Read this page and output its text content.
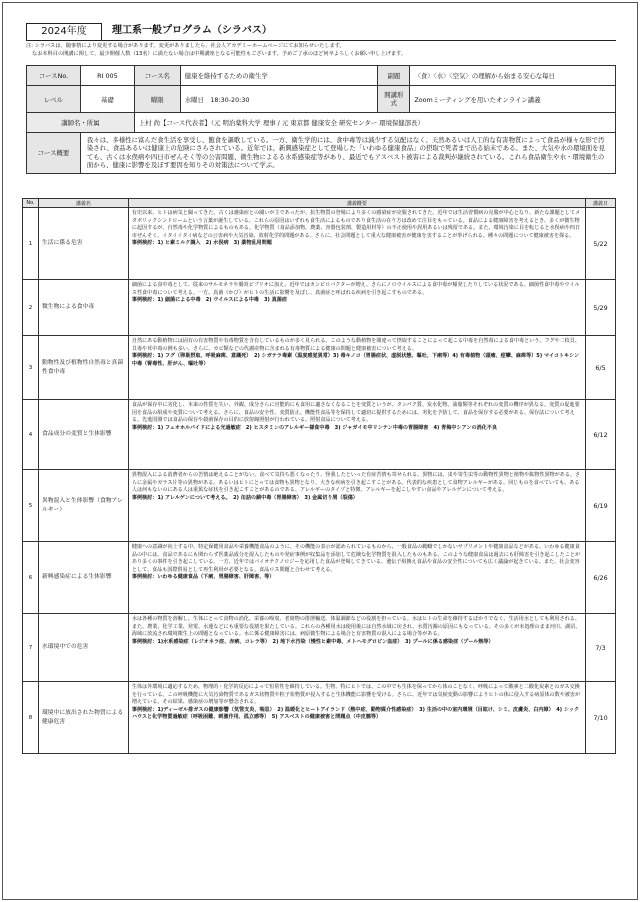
2024年度	理工系一般プログラム（シラバス）
注: シラバスは、随事情により変更する場合があります。変更がありましたら、社会人アカデミーホームページにてお知らせいたします。
なお本科目の開講に関して、最少開催人数（13名）に満たない場合は中期講座となる可能性もございます。予めご了承のほど何卒よろしくお願い申し上げます。
コースNo.	RI 005	コース名	健康を維持するための衛生学	副題	〈食〉〈水〉〈空気〉の理解から始まる安心な毎日
レベル	基礎	曜限	水曜日　18:30-20:30	開講形式	Zoomミーティングを用いたオンライン講義
講師名・所属		上村 尚【コース代表者】（元 明治薬科大学 理事 / 元 東京都 健康安全 研究センター 環境保健部長）			
コース概要	我々は、多様性に富んだ食生活を享受し、飽食を謳歌している。一方、衛生学的には、食中毒等は減少する気配はなく、天然あるいは人工的な有害物質によって食品が様々な形で汚染され、食品あるいは健康上の危険にさらされている。近年では、新興感染症として登場した「いわゆる健康食品」の摂取で死者まで出る始末である。また、大気や水の環境面を見ても、古くは水俣病や四日市ぜんそく等の公害問題、微生物によるる水系感染症等があり、最近でもアスベスト被害による裁判が継続されている。これら食品衛生や水・環境衛生の面から、健康に影響を及ぼす要因を知りその対策法について学ぶ。				
No.	講義名	講義概要	講義日
1	生活に係る危害	有史以来、ヒトは病気と闘ってきた。古くは感染症との闘いが主であったが、抗生物質の登場により多くの感染症が克服されてきた。近年では生活習慣病の克服が中心となり、新たな課題としてメタボリックシンドロームという言葉が誕生している。これらの原因はいずれも食生活によるものであり食生活の在り方は改めて注目をもっている。食品による健康障害を考えるとき、多くが微生物に起因するが、自然毒や化学物質によるものもある。化学物質（食品添加物、農薬、容器包装剤、製造用材等）の不正使用や誤用あるいは残留である。また、環境汚染に目を転じると水俣病や四日市ぜんそく、イタイイタイ病などの公害病や大気汚染、放射化学的問題がある。さらに、社会問題として重大な健康被害が健康を害することが挙げられる。種々の問題について健康被害を探る。
事例検討：1) ヒ素ミルク調入　2) 水俣病　3) 薬物乱用問題	5/22
2	微生物による食中毒	細菌による食中毒として、従来のサルモネラや腸炎ビブリオに加え、近年ではカンピロバクターが増え、さらにノロウイルスによる食中毒が頻発したりしている状況である。細菌性食中毒やウイルス性食中毒について考える。一方、真菌（かび）がヒトの生活に影響を及ぼし、真菌症と呼ばれる疾病を引き起こすものである。
事例検討：1) 細菌による中毒　2) ウイルスによる中毒　3) 真菌症	5/29
3	動物性及び植物性自然毒と真菌性食中毒	自然にある動植物には固有の有害物質や有毒物質を含有しているものが多く見られる。このような動植物を間違って摂取することによって起こる中毒を自然毒による食中毒という。フグや二枚貝、貝毒や茸中毒の例も多い。さらに、カビ類などの代謝産物に含まれる有毒物質による健康の問題と健康被害について考える。
事例検討：1) フグ（卵巣摂取、呼吸麻痺、意識死）　2) シガテラ毒素（温度感覚異常）3) 毒キノコ（胃腸症状、虚脱状態、嘔吐、下痢等）4) 有毒植物（頭痛、痙攣、麻痺等）5) マイコトキシン中毒（腎毒性、肝がん、嘔吐等）	6/5
4	食品成分の変質と生体影響	食品が保存中に劣化し、本来の性質を失い、外観、成分さらに官能的にも食用に適さなくなることを変質というが、タンパク質、炭水化物、油脂類等それぞれの変質の機序が異なる。変質の促進要因を食品の組成や変質について考える。さらに、食品の安全性、変質防止、機能性食品等を保持して適切に提供するためには、劣化を予防して、食品を保存する必要がある。保存法について考える。先進国圏では食品の保存や殺菌保存の目的に放射線照射が行われている。照射食品について考える。
事例検討：1) フェオホルバイドによる光過敏症　2) ヒスタミンのアレルギー様食中毒　3) ジャガイモ中リンテン中毒の胃腸障害　4) 青梅中シアンの消化不良	6/12
5	異物混入と生体影響（食物アレルギー）	異物混入による消費者からの苦情は絶えることがない。食べて気持ち悪くなったり、怪我したといった有症苦情も寄せられる。異物には、虫や寄生虫等の動物性異物と植物や鉱物性異物がある。さらに金属やガラス片等の異物がある。あるいはヒトにとっては食物も異物となり、大きな疾病を引き起こすことがある。代表的な疾患として食物アレルギーがある。同じものを食べていても、ある人は何もないのにある人は重篤な症状を引き起こすことがあるのである。アレルギーのタイプと特徴、アレルギーを起こしやすい食品やアレルゲンについて考える。
事例検討：1) アレルゲンについて考える。　2) 缶詰の錆中毒（胃腸障害）　3) 金属切り屑（裂傷）	6/19
6	新興感染症による生体影響	健康への意識が向上する中、特定保健用食品や栄養機能食品のように、その機能の表示が認められているものから、一般食品の範疇でしかないサプリメントや健康食品などがある。いわゆる健康食品の中には、食品であるにも関わらず医薬品成分を混入したものや発症事例が収集品を添加して危険な化学物質を混入したものもある。このような健康食品は過去にも肝障害を引き起こしたことがあり多くの事件を引き起こしている。一方、近年ではバイオテクノロジーを応用した食品が登場してきている。遺伝子組換え食品や食品の安全性についても広く議論が起きている。また、社会変容として、食品も国際貿易として再生利用が必要となる。食品ロス問題と合わせて考える。
事例検討：いわゆる健康食品（下痢、胃腸障害、肝障害、等）	6/26
7	水環境中での危害	水は各種の物質を溶解し、生体にとって食物の消化、栄養の吸収、老廃物の排泄輸送、体温調節などの役割を担っている。水はヒトの生命を維持するばかりでなく、生活用水としても利用される。また、農業、化学工業、発電、水運などにも重要な役割を果たしている。これらの各種用水は使用後には自然水域に戻され、水質汚濁の原因にもなっている。その多くが未処理のまま河川、湖沼、海域に放流され環境衛生上の問題となっている。水に係る健康障害には、病原微生物による場合と有害物質の混入による場合等がある。
事例検討：1)水系感染症（レジオネラ症、赤痢、コレラ等）　2) 地下水汚染（慢性ヒ素中毒、メトヘモグロビン血症）　3) プールに係る感染症（プール熱等）	7/3
8	環境中に放出された物質による健康危害	生体は外環境に適応するため、物理的・化学的反応によって恒常性を維持している。生物、特にヒトでは、この中でも生体を保ってから体のことなく、呼吸によって酸素と二酸化炭素とのガス交換を行っている。この呼吸機能に大気汚染物質であるガス状物質や粒子状物質が侵入すると生体機能に影響を受ける。さらに、近年では気候変動の影響によりヒトの体に侵入する病原体の数や被害が増えている。その結果、感染症の増加等が懸念される。
事例検討：1)ディーゼル排ガスの健康影響（気管支炎、喘息）　2) 温暖化とヒートアイランド（熱中症、動物媒介性感染症）　3) 生活の中の室内環境（目眩け、シミ、皮膚炎、白内障）　4) シックハウスと化学物質過敏症（呼吸困難、刺激作用、孤立感等）　5) アスベストの健康被害と問題点（中皮腫等）	7/10
